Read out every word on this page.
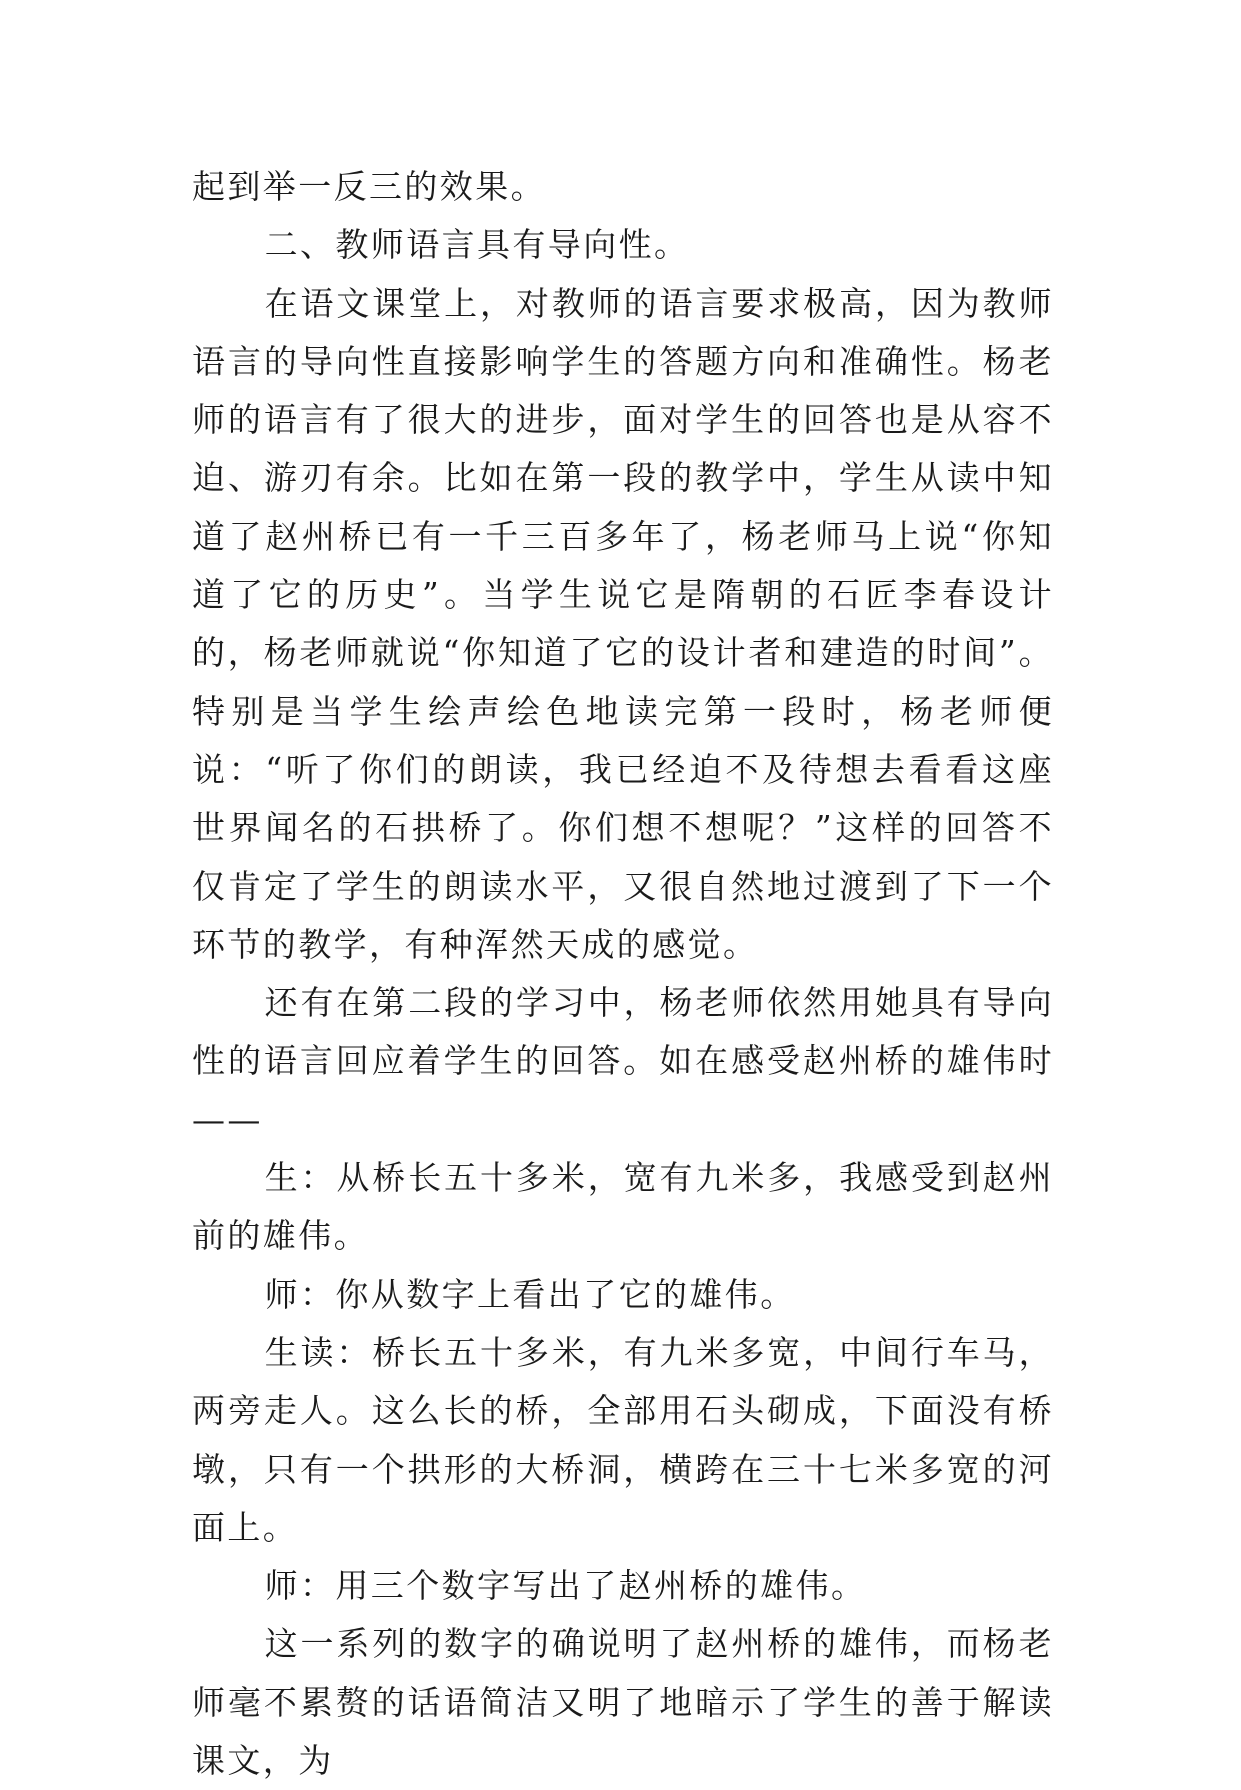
起到举一反三的效果。

二、教师语言具有导向性。

在语文课堂上，对教师的语言要求极高，因为教师语言的导向性直接影响学生的答题方向和准确性。杨老师的语言有了很大的进步，面对学生的回答也是从容不迫、游刃有余。比如在第一段的教学中，学生从读中知道了赵州桥已有一千三百多年了，杨老师马上说“你知道了它的历史”。当学生说它是隋朝的石匠李春设计的，杨老师就说“你知道了它的设计者和建造的时间”。特别是当学生绘声绘色地读完第一段时，杨老师便说：“听了你们的朗读，我已经迫不及待想去看看这座世界闻名的石拱桥了。你们想不想呢？”这样的回答不仅肯定了学生的朗读水平，又很自然地过渡到了下一个环节的教学，有种浑然天成的感觉。

还有在第二段的学习中，杨老师依然用她具有导向性的语言回应着学生的回答。如在感受赵州桥的雄伟时——

生：从桥长五十多米，宽有九米多，我感受到赵州前的雄伟。

师：你从数字上看出了它的雄伟。

生读：桥长五十多米，有九米多宽，中间行车马，两旁走人。这么长的桥，全部用石头砌成，下面没有桥墩，只有一个拱形的大桥洞，横跨在三十七米多宽的河面上。

师：用三个数字写出了赵州桥的雄伟。

这一系列的数字的确说明了赵州桥的雄伟，而杨老师毫不累赘的话语简洁又明了地暗示了学生的善于解读课文，为
